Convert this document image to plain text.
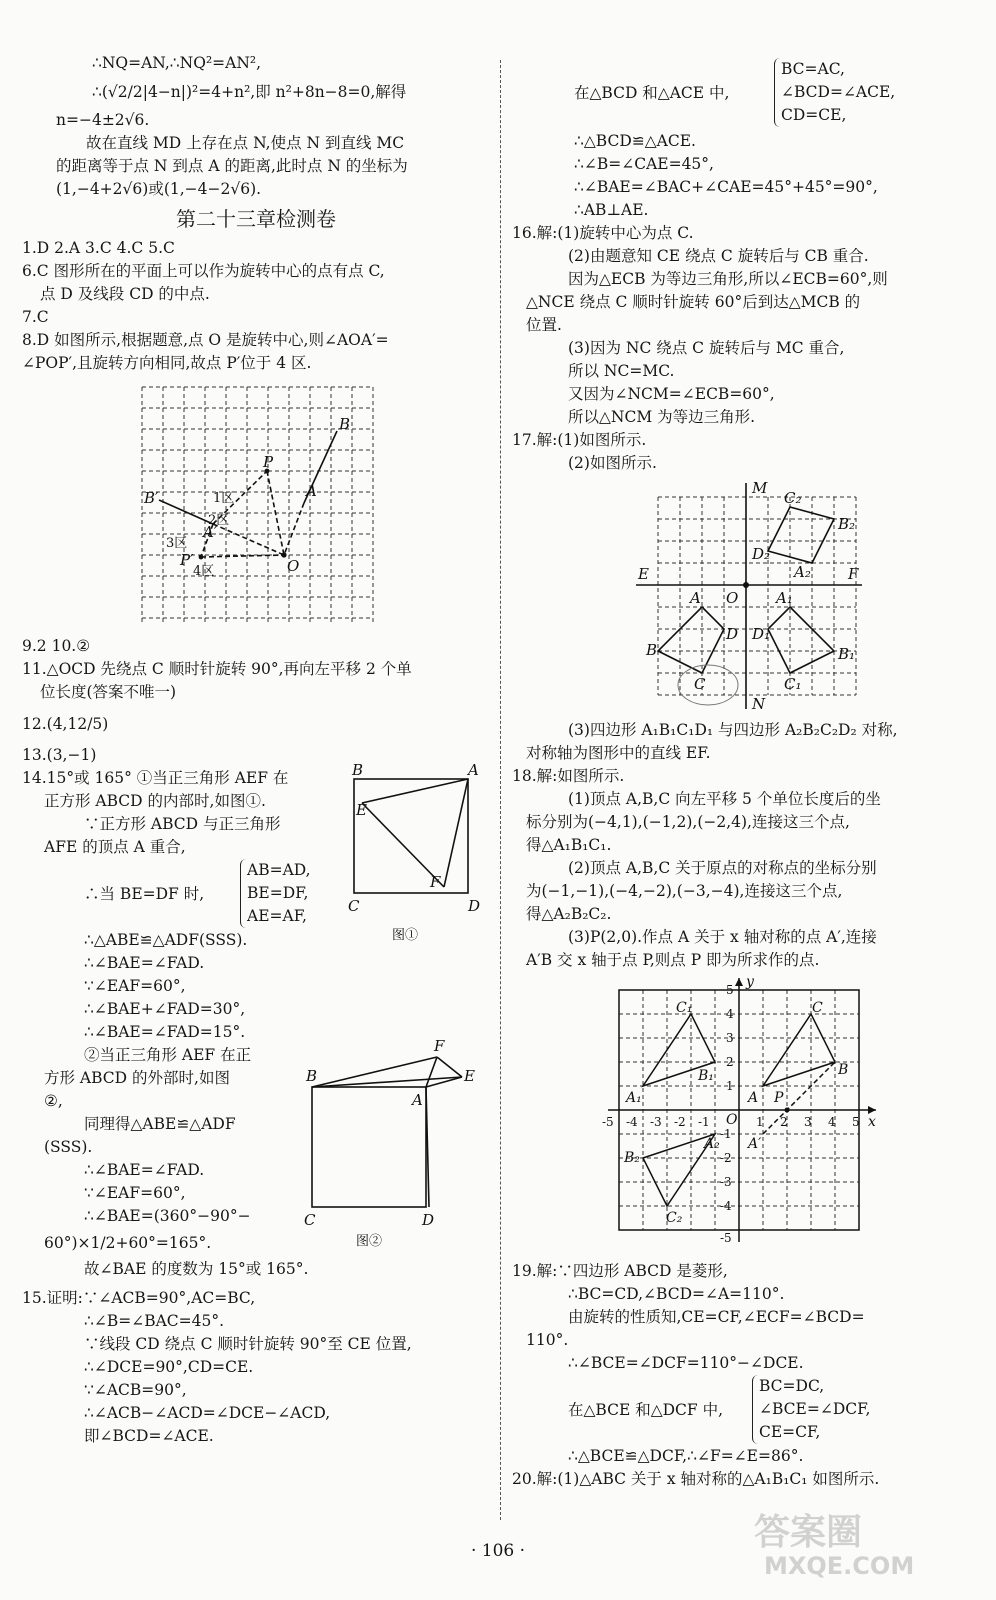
∴NQ=AN,∴NQ²=AN²,
∴(√2/2|4−n|)²=4+n²,即 n²+8n−8=0,解得
n=−4±2√6.
故在直线 MD 上存在点 N,使点 N 到直线 MC
的距离等于点 N 到点 A 的距离,此时点 N 的坐标为
(1,−4+2√6)或(1,−4−2√6).
第二十三章检测卷
1.D 2.A 3.C 4.C 5.C
6.C 图形所在的平面上可以作为旋转中心的点有点 C,
点 D 及线段 CD 的中点.
7.C
8.D 如图所示,根据题意,点 O 是旋转中心,则∠AOA′=
∠POP′,且旋转方向相同,故点 P′位于 4 区.
B
P
A
B′
A′
P′	O
1区
2区
3区
4区
9.2 10.②
11.△OCD 先绕点 C 顺时针旋转 90°,再向左平移 2 个单
位长度(答案不唯一)
12.(4,12/5)
13.(3,−1)
14.15°或 165° ①当正三角形 AEF 在
正方形 ABCD 的内部时,如图①.
∵正方形 ABCD 与正三角形
AFE 的顶点 A 重合,
∴当 BE=DF 时,
AB=AD,
BE=DF,
AE=AF,
∴△ABE≌△ADF(SSS).
∴∠BAE=∠FAD.
∵∠EAF=60°,
∴∠BAE+∠FAD=30°,
∴∠BAE=∠FAD=15°.
②当正三角形 AEF 在正
方形 ABCD 的外部时,如图
②,
同理得△ABE≌△ADF
(SSS).
∴∠BAE=∠FAD.
∵∠EAF=60°,
∴∠BAE=(360°−90°−
60°)×1/2+60°=165°.
故∠BAE 的度数为 15°或 165°.
B	A
E
F
C	D
图①
B
F
E
A
C	D
图②
15.证明:∵∠ACB=90°,AC=BC,
∴∠B=∠BAC=45°.
∵线段 CD 绕点 C 顺时针旋转 90°至 CE 位置,
∴∠DCE=90°,CD=CE.
∵∠ACB=90°,
∴∠ACB−∠ACD=∠DCE−∠ACD,
即∠BCD=∠ACE.
在△BCD 和△ACE 中,
BC=AC,
∠BCD=∠ACE,
CD=CE,
∴△BCD≌△ACE.
∴∠B=∠CAE=45°,
∴∠BAE=∠BAC+∠CAE=45°+45°=90°,
∴AB⊥AE.
16.解:(1)旋转中心为点 C.
(2)由题意知 CE 绕点 C 旋转后与 CB 重合.
因为△ECB 为等边三角形,所以∠ECB=60°,则
△NCE 绕点 C 顺时针旋转 60°后到达△MCB 的
位置.
(3)因为 NC 绕点 C 旋转后与 MC 重合,
所以 NC=MC.
又因为∠NCM=∠ECB=60°,
所以△NCM 为等边三角形.
17.解:(1)如图所示.
(2)如图所示.
M
C₂
B₂
D₂
A₂
E	F
A O	A₁
B
D D₁
B₁
C	C₁
N
(3)四边形 A₁B₁C₁D₁ 与四边形 A₂B₂C₂D₂ 对称,
对称轴为图形中的直线 EF.
18.解:如图所示.
(1)顶点 A,B,C 向左平移 5 个单位长度后的坐
标分别为(−4,1),(−1,2),(−2,4),连接这三个点,
得△A₁B₁C₁.
(2)顶点 A,B,C 关于原点的对称点的坐标分别
为(−1,−1),(−4,−2),(−3,−4),连接这三个点,
得△A₂B₂C₂.
(3)P(2,0).作点 A 关于 x 轴对称的点 A′,连接
A′B 交 x 轴于点 P,则点 P 即为所求作的点.
y
x
O
C₁	C
B₁	B
A₁	A P
A′
A₂
B₂
C₂
-5 -4 -3 -2 -1	1 2 3 4 5
5
4
3
2
1
-1
-2
-3
-4
-5
19.解:∵四边形 ABCD 是菱形,
∴BC=CD,∠BCD=∠A=110°.
由旋转的性质知,CE=CF,∠ECF=∠BCD=
110°.
∴∠BCE=∠DCF=110°−∠DCE.
在△BCE 和△DCF 中,
BC=DC,
∠BCE=∠DCF,
CE=CF,
∴△BCE≌△DCF,∴∠F=∠E=86°.
20.解:(1)△ABC 关于 x 轴对称的△A₁B₁C₁ 如图所示.
· 106 ·	答案圈
MXQE.COM
